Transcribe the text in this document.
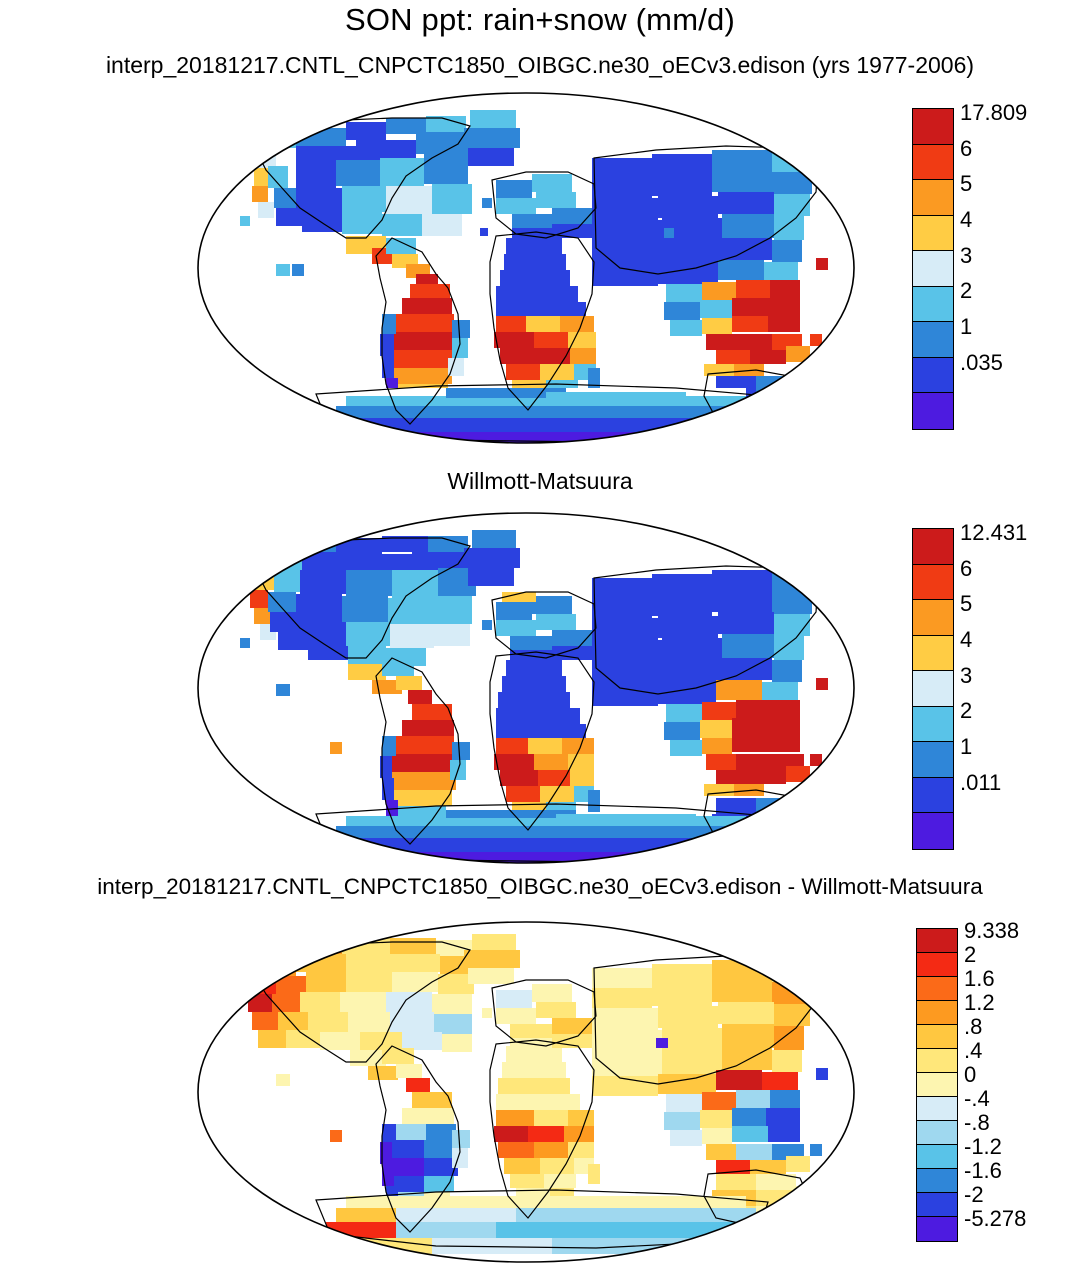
SON ppt: rain+snow (mm/d)
interp_20181217.CNTL_CNPCTC1850_OIBGC.ne30_oECv3.edison (yrs 1977-2006)
17.809
6
5
4
3
2
1
.035
Willmott-Matsuura
12.431
6
5
4
3
2
1
.011
interp_20181217.CNTL_CNPCTC1850_OIBGC.ne30_oECv3.edison - Willmott-Matsuura
9.338
2
1.6
1.2
.8
.4
0
-.4
-.8
-1.2
-1.6
-2
-5.278
